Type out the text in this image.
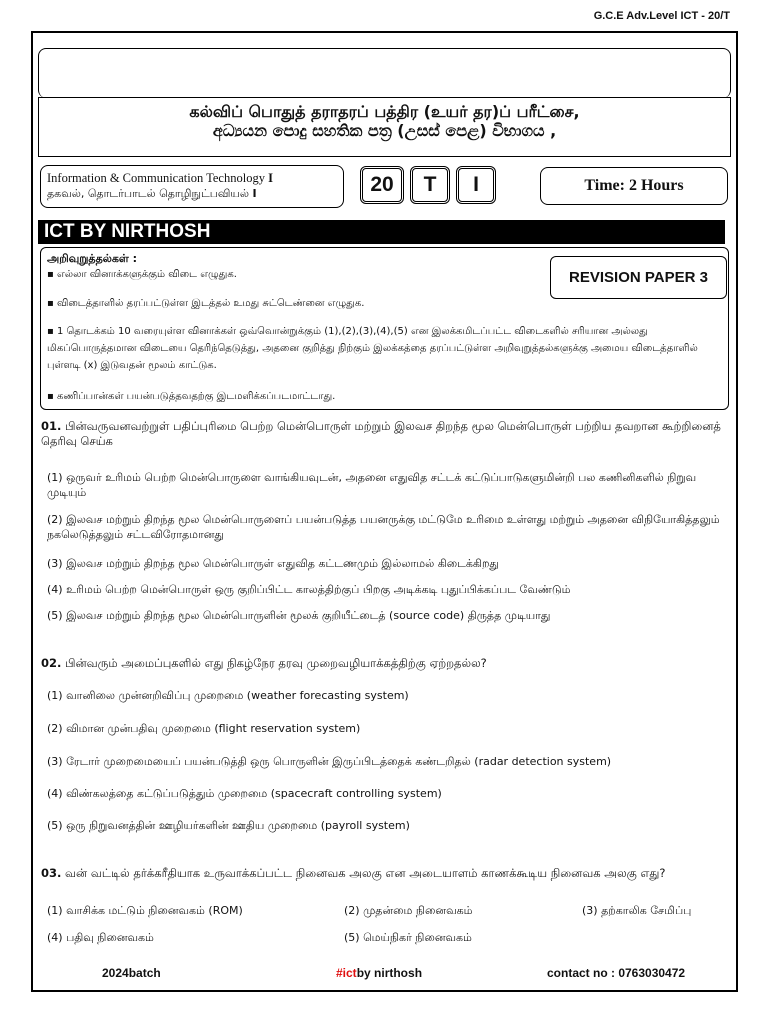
G.C.E Adv.Level ICT - 20/T
கல்விப் பொதுத் தராதரப் பத்திர (உயர் தர)ப் பரீட்சை,
අධ්‍යයන පොදු සහතික පත්‍ර (උසස් පෙළ) විභාගය ,
Information & Communication Technology I
தகவல், தொடர்பாடல் தொழிநுட்பவியல் I	20 T I	Time: 2 Hours
ICT BY NIRTHOSH
அறிவுறுத்தல்கள் :
▪ எல்லா வினாக்களுக்கும் விடை எழுதுக.
▪ விடைத்தாளில் தரப்பட்டுள்ள இடத்தல் உமது சுட்டெண்னை எழுதுக.
▪ 1 தொடக்கம் 10 வரையுள்ள வினாக்கள் ஒவ்வொன்றுக்கும் (1),(2),(3),(4),(5) என இலக்கமிடப்பட்ட விடைகளில் சரியான அல்லது மிகப்பொருத்தமான விடையை தெரிந்தெடுத்து, அதனை குறித்து நிற்கும் இலக்கத்தை தரப்பட்டுள்ள அறிவுறுத்தல்களுக்கு அமைய விடைத்தாளில் புள்ளடி (x) இடுவதன் மூலம் காட்டுக.
▪ கணிப்பான்கள் பயன்படுத்தவதற்கு இடமளிக்கப்படமாட்டாது.
REVISION PAPER 3
01. பின்வருவனவற்றுள் பதிப்புரிமை பெற்ற மென்பொருள் மற்றும் இலவச திறந்த மூல மென்பொருள் பற்றிய தவறான கூற்றினைத் தெரிவு செய்க
(1) ஒருவர் உரிமம் பெற்ற மென்பொருளை வாங்கியவுடன், அதனை எதுவித சட்டக் கட்டுப்பாடுகளுமின்றி பல கணினிகளில் நிறுவ முடியும்
(2) இலவச மற்றும் திறந்த மூல மென்பொருளைப் பயன்படுத்த பயனருக்கு மட்டுமே உரிமை உள்ளது மற்றும் அதனை விநியோகித்தலும் நகலெடுத்தலும் சட்டவிரோதமானது
(3) இலவச மற்றும் திறந்த மூல மென்பொருள் எதுவித கட்டணமும் இல்லாமல் கிடைக்கிறது
(4) உரிமம் பெற்ற மென்பொருள் ஒரு குறிப்பிட்ட காலத்திற்குப் பிறகு அடிக்கடி புதுப்பிக்கப்பட வேண்டும்
(5) இலவச மற்றும் திறந்த மூல மென்பொருளின் மூலக் குறியீட்டைத் (source code) திருத்த முடியாது
02. பின்வரும் அமைப்புகளில் எது நிகழ்நேர தரவு முறைவழியாக்கத்திற்கு ஏற்றதல்ல?
(1) வானிலை முன்னறிவிப்பு முறைமை (weather forecasting system)
(2) விமான முன்பதிவு முறைமை (flight reservation system)
(3) ரேடார் முறைமையைப் பயன்படுத்தி ஒரு பொருளின் இருப்பிடத்தைக் கண்டறிதல் (radar detection system)
(4) விண்கலத்தை கட்டுப்படுத்தும் முறைமை (spacecraft controlling system)
(5) ஒரு நிறுவனத்தின் ஊழியர்களின் ஊதிய முறைமை (payroll system)
03. வன் வட்டில் தர்க்கரீதியாக உருவாக்கப்பட்ட நினைவக அலகு என அடையாளம் காணக்கூடிய நினைவக அலகு எது?
(1) வாசிக்க மட்டும் நினைவகம் (ROM)	(2) முதன்மை நினைவகம்	(3) தற்காலிக சேமிப்பு
(4) பதிவு நினைவகம்	(5) மெய்நிகர் நினைவகம்
2024batch	#ictby nirthosh	contact no : 0763030472
